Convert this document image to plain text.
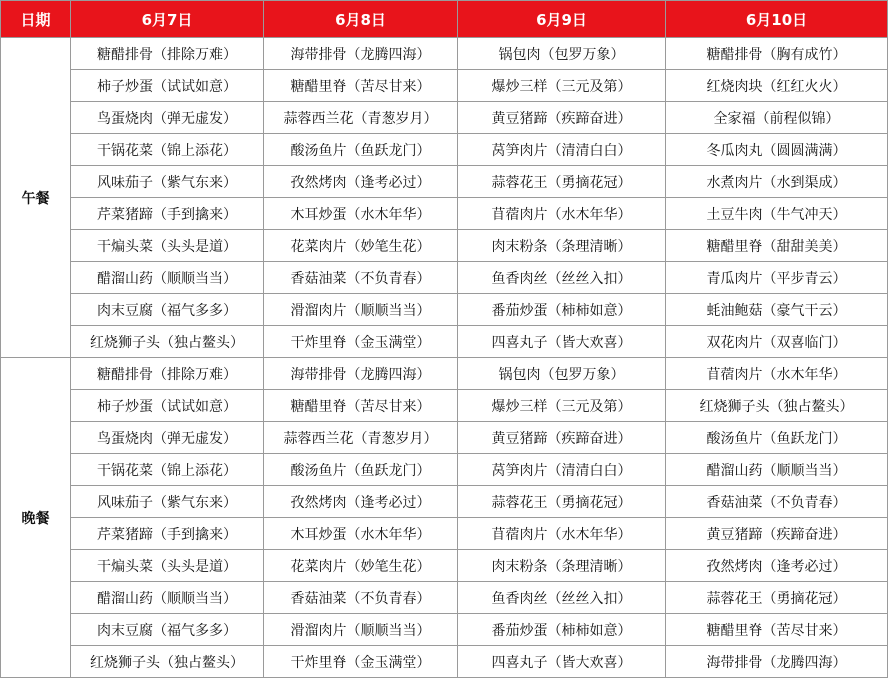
日期	6月7日	6月8日	6月9日	6月10日
午餐	糖醋排骨（排除万难）	海带排骨（龙腾四海）	锅包肉（包罗万象）	糖醋排骨（胸有成竹）
	柿子炒蛋（试试如意）	糖醋里脊（苦尽甘来）	爆炒三样（三元及第）	红烧肉块（红红火火）
	鸟蛋烧肉（弹无虚发）	蒜蓉西兰花（青葱岁月）	黄豆猪蹄（疾蹄奋进）	全家福（前程似锦）
	干锅花菜（锦上添花）	酸汤鱼片（鱼跃龙门）	莴笋肉片（清清白白）	冬瓜肉丸（圆圆满满）
	风味茄子（紫气东来）	孜然烤肉（逢考必过）	蒜蓉花王（勇摘花冠）	水煮肉片（水到渠成）
	芹菜猪蹄（手到擒来）	木耳炒蛋（水木年华）	苜蓿肉片（水木年华）	土豆牛肉（牛气冲天）
	干煸头菜（头头是道）	花菜肉片（妙笔生花）	肉末粉条（条理清晰）	糖醋里脊（甜甜美美）
	醋溜山药（顺顺当当）	香菇油菜（不负青春）	鱼香肉丝（丝丝入扣）	青瓜肉片（平步青云）
	肉末豆腐（福气多多）	滑溜肉片（顺顺当当）	番茄炒蛋（柿柿如意）	蚝油鲍菇（豪气干云）
	红烧狮子头（独占鳌头）	干炸里脊（金玉满堂）	四喜丸子（皆大欢喜）	双花肉片（双喜临门）
晚餐	糖醋排骨（排除万难）	海带排骨（龙腾四海）	锅包肉（包罗万象）	苜蓿肉片（水木年华）
	柿子炒蛋（试试如意）	糖醋里脊（苦尽甘来）	爆炒三样（三元及第）	红烧狮子头（独占鳌头）
	鸟蛋烧肉（弹无虚发）	蒜蓉西兰花（青葱岁月）	黄豆猪蹄（疾蹄奋进）	酸汤鱼片（鱼跃龙门）
	干锅花菜（锦上添花）	酸汤鱼片（鱼跃龙门）	莴笋肉片（清清白白）	醋溜山药（顺顺当当）
	风味茄子（紫气东来）	孜然烤肉（逢考必过）	蒜蓉花王（勇摘花冠）	香菇油菜（不负青春）
	芹菜猪蹄（手到擒来）	木耳炒蛋（水木年华）	苜蓿肉片（水木年华）	黄豆猪蹄（疾蹄奋进）
	干煸头菜（头头是道）	花菜肉片（妙笔生花）	肉末粉条（条理清晰）	孜然烤肉（逢考必过）
	醋溜山药（顺顺当当）	香菇油菜（不负青春）	鱼香肉丝（丝丝入扣）	蒜蓉花王（勇摘花冠）
	肉末豆腐（福气多多）	滑溜肉片（顺顺当当）	番茄炒蛋（柿柿如意）	糖醋里脊（苦尽甘来）
	红烧狮子头（独占鳌头）	干炸里脊（金玉满堂）	四喜丸子（皆大欢喜）	海带排骨（龙腾四海）
